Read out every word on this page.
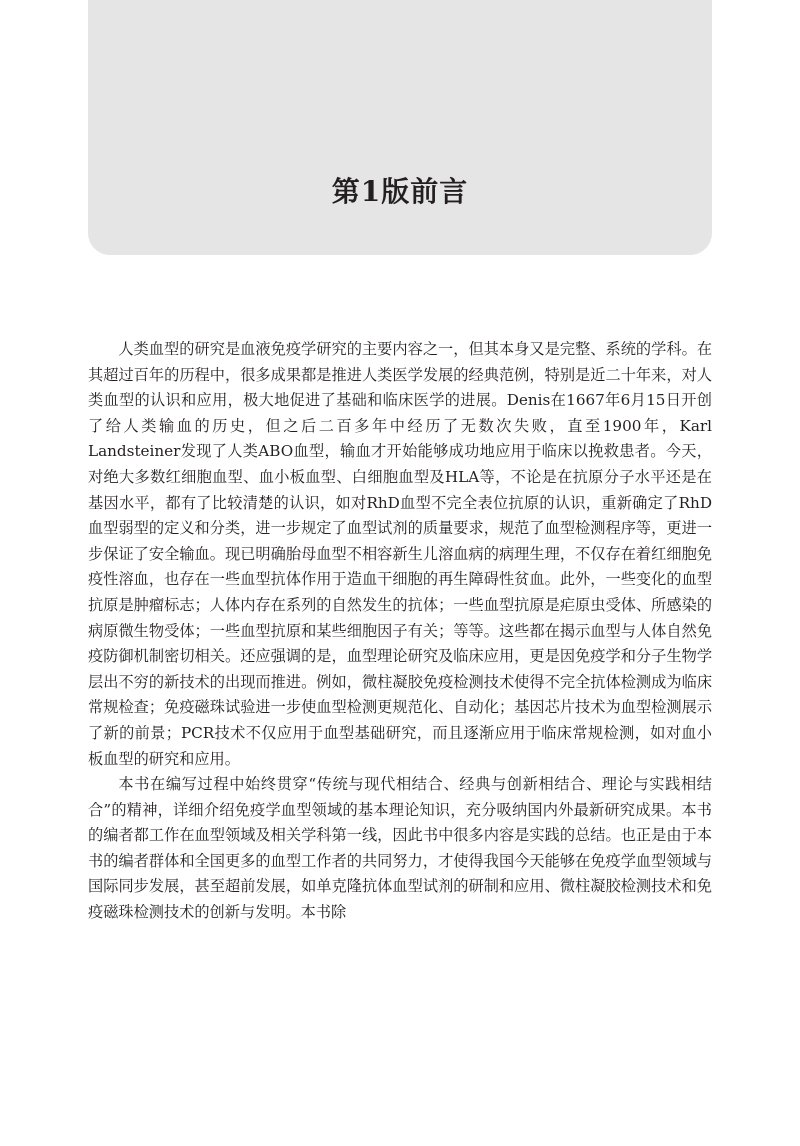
第1版前言

人类血型的研究是血液免疫学研究的主要内容之一，但其本身又是完整、系统的学科。在其超过百年的历程中，很多成果都是推进人类医学发展的经典范例，特别是近二十年来，对人类血型的认识和应用，极大地促进了基础和临床医学的进展。Denis在1667年6月15日开创了给人类输血的历史，但之后二百多年中经历了无数次失败，直至1900年，Karl Landsteiner发现了人类ABO血型，输血才开始能够成功地应用于临床以挽救患者。今天，对绝大多数红细胞血型、血小板血型、白细胞血型及HLA等，不论是在抗原分子水平还是在基因水平，都有了比较清楚的认识，如对RhD血型不完全表位抗原的认识，重新确定了RhD血型弱型的定义和分类，进一步规定了血型试剂的质量要求，规范了血型检测程序等，更进一步保证了安全输血。现已明确胎母血型不相容新生儿溶血病的病理生理，不仅存在着红细胞免疫性溶血，也存在一些血型抗体作用于造血干细胞的再生障碍性贫血。此外，一些变化的血型抗原是肿瘤标志；人体内存在系列的自然发生的抗体；一些血型抗原是疟原虫受体、所感染的病原微生物受体；一些血型抗原和某些细胞因子有关；等等。这些都在揭示血型与人体自然免疫防御机制密切相关。还应强调的是，血型理论研究及临床应用，更是因免疫学和分子生物学层出不穷的新技术的出现而推进。例如，微柱凝胶免疫检测技术使得不完全抗体检测成为临床常规检查；免疫磁珠试验进一步使血型检测更规范化、自动化；基因芯片技术为血型检测展示了新的前景；PCR技术不仅应用于血型基础研究，而且逐渐应用于临床常规检测，如对血小板血型的研究和应用。

本书在编写过程中始终贯穿“传统与现代相结合、经典与创新相结合、理论与实践相结合”的精神，详细介绍免疫学血型领域的基本理论知识，充分吸纳国内外最新研究成果。本书的编者都工作在血型领域及相关学科第一线，因此书中很多内容是实践的总结。也正是由于本书的编者群体和全国更多的血型工作者的共同努力，才使得我国今天能够在免疫学血型领域与国际同步发展，甚至超前发展，如单克隆抗体血型试剂的研制和应用、微柱凝胶检测技术和免疫磁珠检测技术的创新与发明。本书除
